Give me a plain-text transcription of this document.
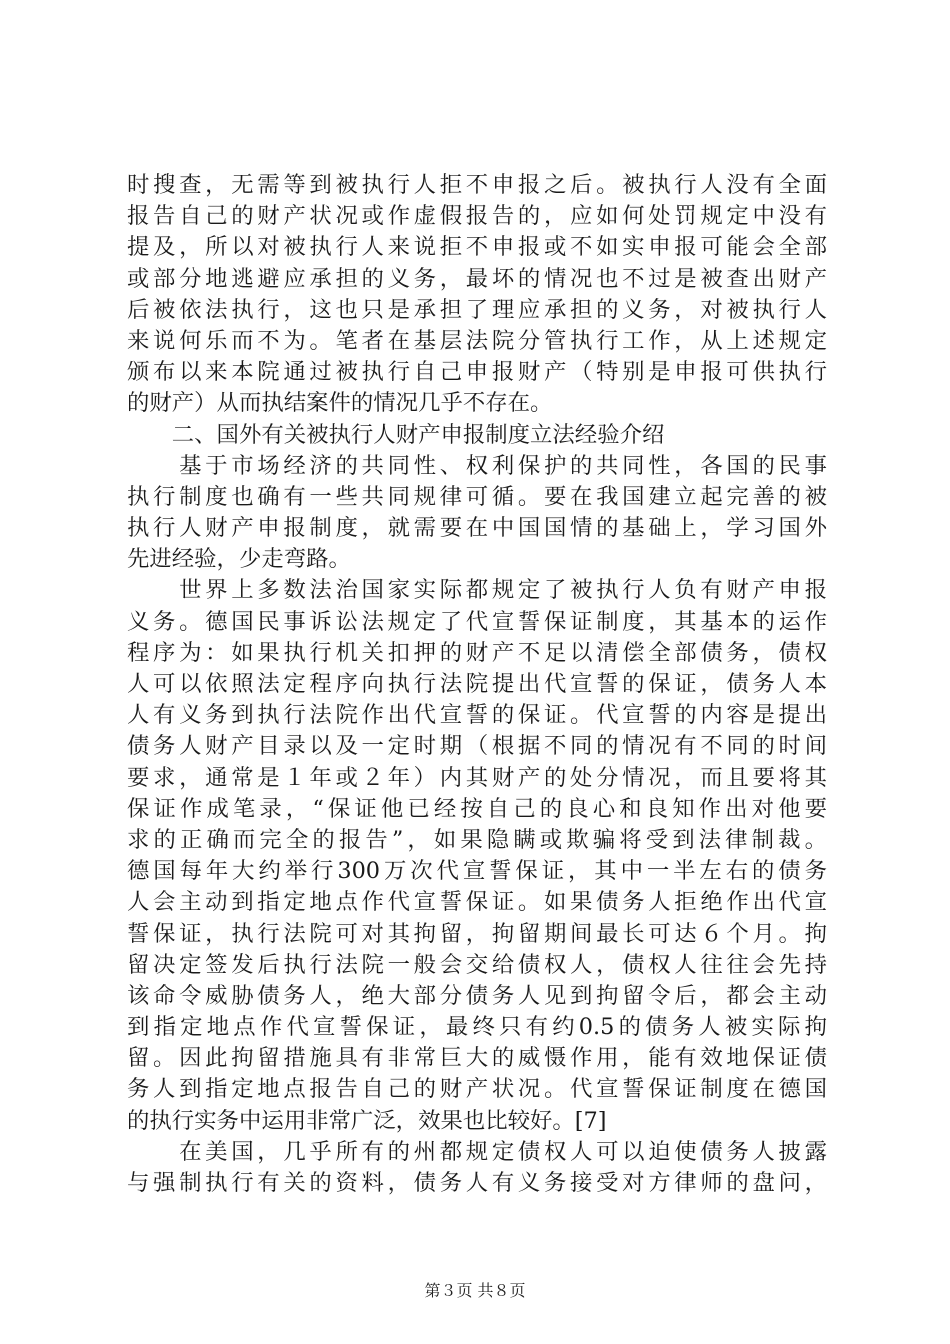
时搜查，无需等到被执行人拒不申报之后。被执行人没有全面
报告自己的财产状况或作虚假报告的，应如何处罚规定中没有
提及，所以对被执行人来说拒不申报或不如实申报可能会全部
或部分地逃避应承担的义务，最坏的情况也不过是被查出财产
后被依法执行，这也只是承担了理应承担的义务，对被执行人
来说何乐而不为。笔者在基层法院分管执行工作，从上述规定
颁布以来本院通过被执行自己申报财产（特别是申报可供执行
的财产）从而执结案件的情况几乎不存在。
　　二、国外有关被执行人财产申报制度立法经验介绍
　　基于市场经济的共同性、权利保护的共同性，各国的民事
执行制度也确有一些共同规律可循。要在我国建立起完善的被
执行人财产申报制度，就需要在中国国情的基础上，学习国外
先进经验，少走弯路。
　　世界上多数法治国家实际都规定了被执行人负有财产申报
义务。德国民事诉讼法规定了代宣誓保证制度，其基本的运作
程序为：如果执行机关扣押的财产不足以清偿全部债务，债权
人可以依照法定程序向执行法院提出代宣誓的保证，债务人本
人有义务到执行法院作出代宣誓的保证。代宣誓的内容是提出
债务人财产目录以及一定时期（根据不同的情况有不同的时间
要求，通常是１年或２年）内其财产的处分情况，而且要将其
保证作成笔录，“保证他已经按自己的良心和良知作出对他要
求的正确而完全的报告”，如果隐瞒或欺骗将受到法律制裁。
德国每年大约举行300万次代宣誓保证，其中一半左右的债务
人会主动到指定地点作代宣誓保证。如果债务人拒绝作出代宣
誓保证，执行法院可对其拘留，拘留期间最长可达６个月。拘
留决定签发后执行法院一般会交给债权人，债权人往往会先持
该命令威胁债务人，绝大部分债务人见到拘留令后，都会主动
到指定地点作代宣誓保证，最终只有约0.5的债务人被实际拘
留。因此拘留措施具有非常巨大的威慑作用，能有效地保证债
务人到指定地点报告自己的财产状况。代宣誓保证制度在德国
的执行实务中运用非常广泛，效果也比较好。[7]
　　在美国，几乎所有的州都规定债权人可以迫使债务人披露
与强制执行有关的资料，债务人有义务接受对方律师的盘问，
第３页 共８页
